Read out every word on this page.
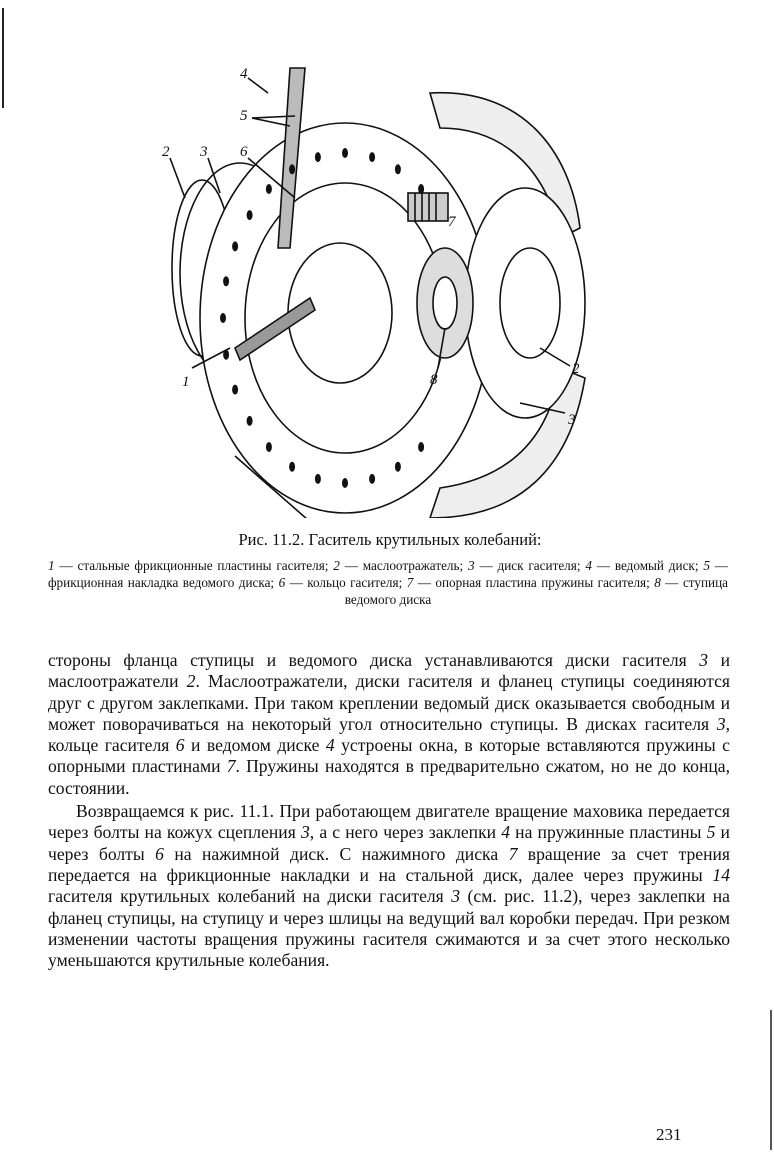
4
5
2 3 6
7
1	8
2
3
Рис. 11.2. Гаситель крутильных колебаний:
1 — стальные фрикционные пластины гасителя; 2 — маслоотражатель; 3 — диск гасителя; 4 — ведомый диск; 5 — фрикционная накладка ведомого диска; 6 — кольцо гасителя; 7 — опорная пластина пружины гасителя; 8 — ступица ведомого диска

стороны фланца ступицы и ведомого диска устанавливаются диски гасителя 3 и маслоотражатели 2. Маслоотражатели, диски гасителя и фланец ступицы соединяются друг с другом заклепками. При таком креплении ведомый диск оказывается свободным и может поворачиваться на некоторый угол относительно ступицы. В дисках гасителя 3, кольце гасителя 6 и ведомом диске 4 устроены окна, в которые вставляются пружины с опорными пластинами 7. Пружины находятся в предварительно сжатом, но не до конца, состоянии.

Возвращаемся к рис. 11.1. При работающем двигателе вращение маховика передается через болты на кожух сцепления 3, а с него через заклепки 4 на пружинные пластины 5 и через болты 6 на нажимной диск. С нажимного диска 7 вращение за счет трения передается на фрикционные накладки и на стальной диск, далее через пружины 14 гасителя крутильных колебаний на диски гасителя 3 (см. рис. 11.2), через заклепки на фланец ступицы, на ступицу и через шлицы на ведущий вал коробки передач. При резком изменении частоты вращения пружины гасителя сжимаются и за счет этого несколько уменьшаются крутильные колебания.

231
